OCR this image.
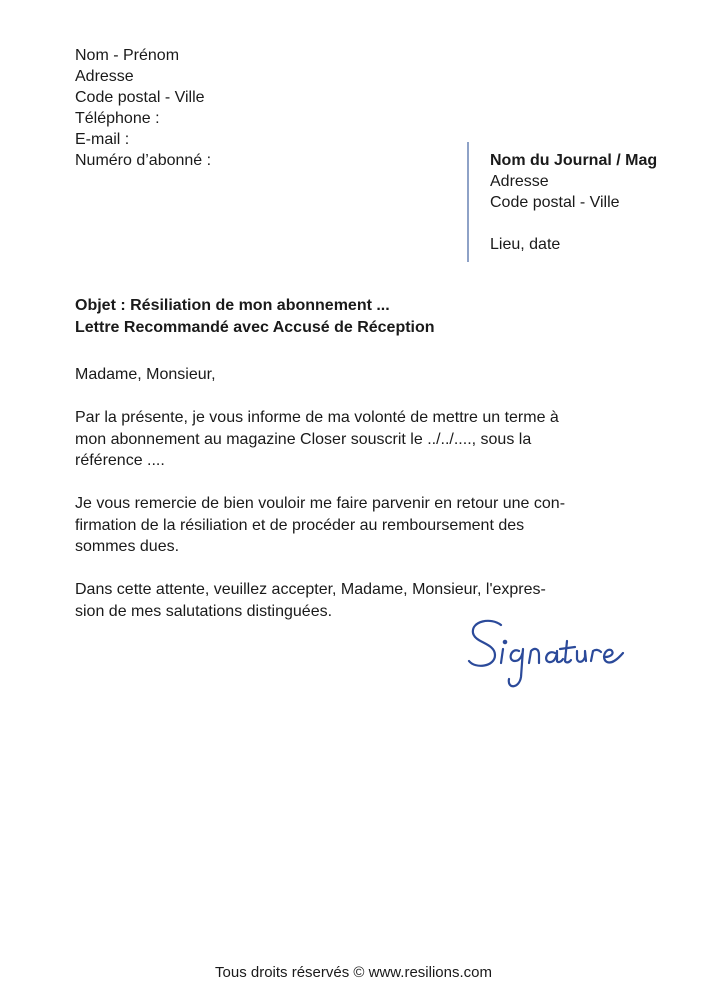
Nom - Prénom
Adresse
Code postal - Ville
Téléphone :
E-mail :
Numéro d’abonné :	Nom du Journal / Mag
Adresse
Code postal - Ville
Lieu, date
Objet : Résiliation de mon abonnement ...
Lettre Recommandé avec Accusé de Réception

Madame, Monsieur,

Par la présente, je vous informe de ma volonté de mettre un terme à
mon abonnement au magazine Closer souscrit le ../../...., sous la
référence ....

Je vous remercie de bien vouloir me faire parvenir en retour une con-
firmation de la résiliation et de procéder au remboursement des
sommes dues.

Dans cette attente, veuillez accepter, Madame, Monsieur, l'expres-
sion de mes salutations distinguées.

Tous droits réservés © www.resilions.com
